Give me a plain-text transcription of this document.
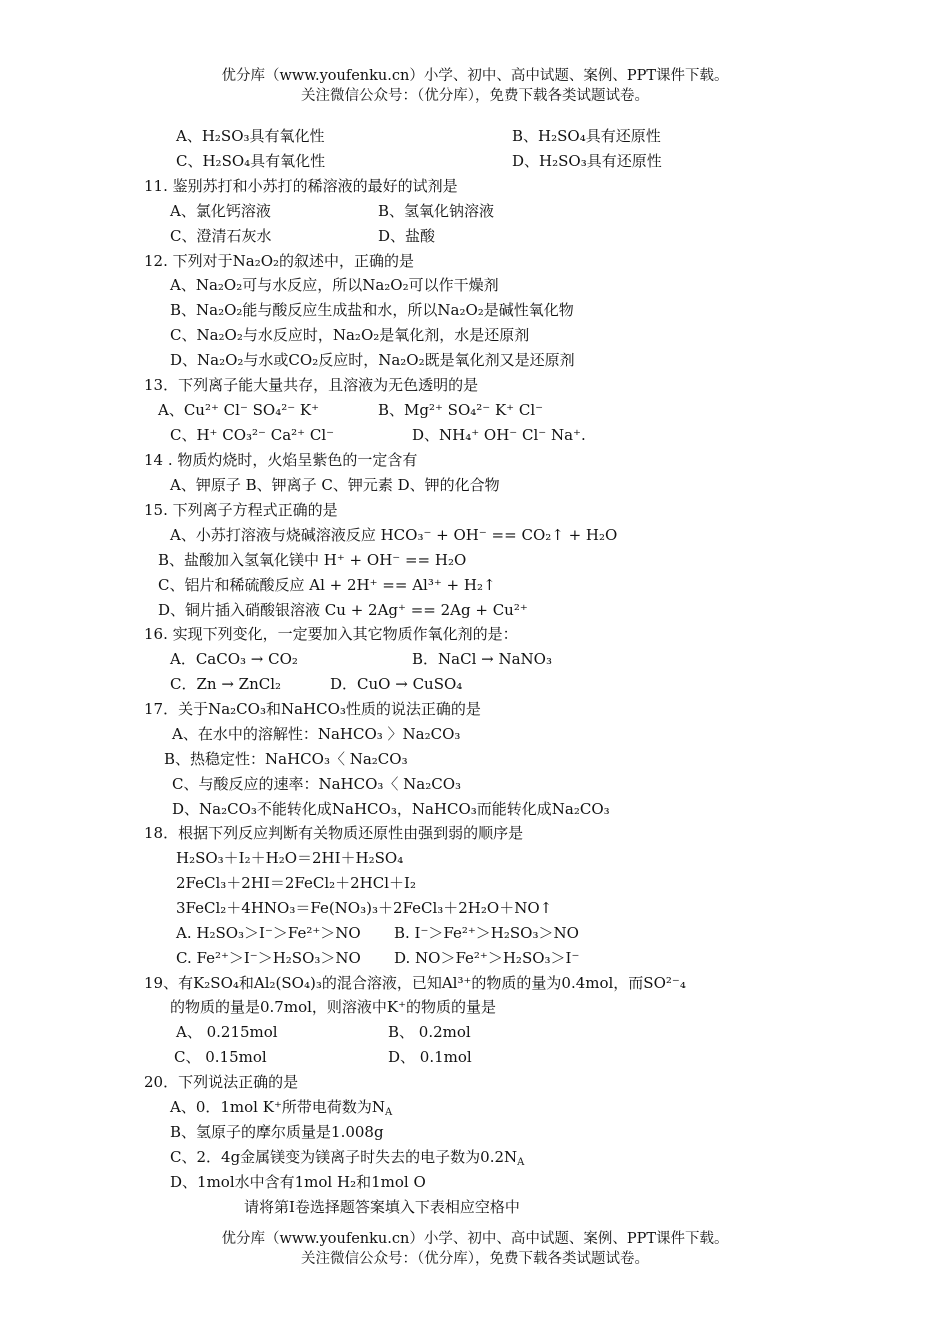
优分库（www.youfenku.cn）小学、初中、高中试题、案例、PPT课件下载。
关注微信公众号：（优分库），免费下载各类试题试卷。
A、H₂SO₃具有氧化性	B、H₂SO₄具有还原性
C、H₂SO₄具有氧化性	D、H₂SO₃具有还原性
11. 鉴别苏打和小苏打的稀溶液的最好的试剂是
A、氯化钙溶液	B、氢氧化钠溶液
C、澄清石灰水	D、盐酸
12. 下列对于Na₂O₂的叙述中，正确的是
A、Na₂O₂可与水反应，所以Na₂O₂可以作干燥剂
B、Na₂O₂能与酸反应生成盐和水，所以Na₂O₂是碱性氧化物
C、Na₂O₂与水反应时，Na₂O₂是氧化剂，水是还原剂
D、Na₂O₂与水或CO₂反应时，Na₂O₂既是氧化剂又是还原剂
13．下列离子能大量共存，且溶液为无色透明的是
A、Cu²⁺ Cl⁻ SO₄²⁻ K⁺	B、Mg²⁺ SO₄²⁻ K⁺ Cl⁻
C、H⁺ CO₃²⁻ Ca²⁺ Cl⁻	D、NH₄⁺ OH⁻ Cl⁻ Na⁺.
14 . 物质灼烧时，火焰呈紫色的一定含有
A、钾原子 B、钾离子 C、钾元素 D、钾的化合物
15. 下列离子方程式正确的是
A、小苏打溶液与烧碱溶液反应 HCO₃⁻ + OH⁻ == CO₂↑ + H₂O
B、盐酸加入氢氧化镁中 H⁺ + OH⁻ == H₂O
C、铝片和稀硫酸反应 Al + 2H⁺ == Al³⁺ + H₂↑
D、铜片插入硝酸银溶液 Cu + 2Ag⁺ == 2Ag + Cu²⁺
16. 实现下列变化，一定要加入其它物质作氧化剂的是：
A．CaCO₃ → CO₂	B．NaCl → NaNO₃
C．Zn → ZnCl₂	D．CuO → CuSO₄
17．关于Na₂CO₃和NaHCO₃性质的说法正确的是
A、在水中的溶解性：NaHCO₃ 〉Na₂CO₃
B、热稳定性：NaHCO₃〈 Na₂CO₃
C、与酸反应的速率：NaHCO₃〈 Na₂CO₃
D、Na₂CO₃不能转化成NaHCO₃，NaHCO₃而能转化成Na₂CO₃
18．根据下列反应判断有关物质还原性由强到弱的顺序是
H₂SO₃＋I₂＋H₂O＝2HI＋H₂SO₄
2FeCl₃＋2HI＝2FeCl₂＋2HCl＋I₂
3FeCl₂＋4HNO₃＝Fe(NO₃)₃＋2FeCl₃＋2H₂O＋NO↑
A. H₂SO₃＞I⁻＞Fe²⁺＞NO B. I⁻＞Fe²⁺＞H₂SO₃＞NO
C. Fe²⁺＞I⁻＞H₂SO₃＞NO D. NO＞Fe²⁺＞H₂SO₃＞I⁻
19、有K₂SO₄和Al₂(SO₄)₃的混合溶液，已知Al³⁺的物质的量为0.4mol，而SO²⁻₄
的物质的量是0.7mol，则溶液中K⁺的物质的量是
A、 0.215mol	B、 0.2mol
C、 0.15mol	D、 0.1mol
20．下列说法正确的是
A、0．1mol K⁺所带电荷数为$N_A$
B、氢原子的摩尔质量是1.008g
C、2．4g金属镁变为镁离子时失去的电子数为$0.2N_A$
D、1mol水中含有1mol H₂和1mol O
请将第Ⅰ卷选择题答案填入下表相应空格中
优分库（www.youfenku.cn）小学、初中、高中试题、案例、PPT课件下载。
关注微信公众号：（优分库），免费下载各类试题试卷。
